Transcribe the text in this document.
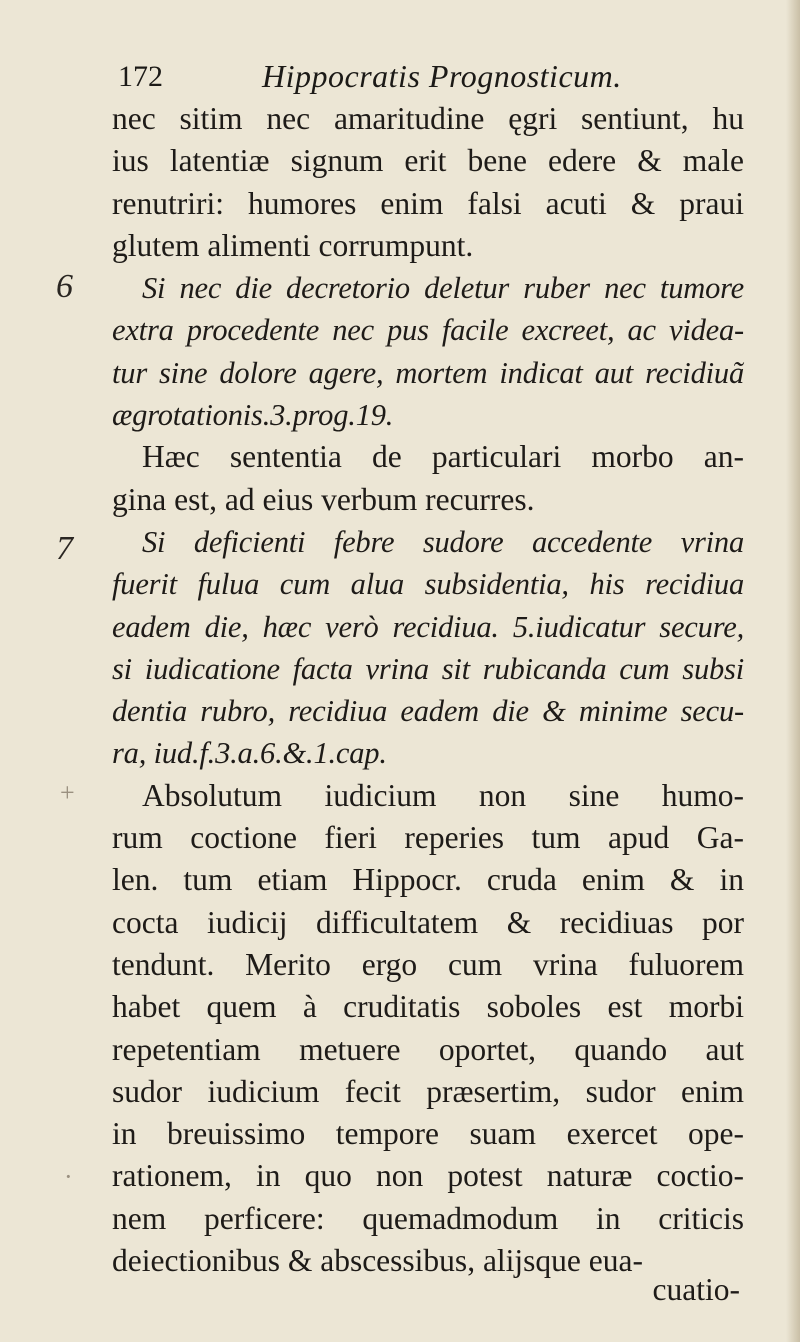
172	Hippocratis Prognosticum.
6
7
+
·
nec sitim nec amaritudine ęgri sentiunt, hu
ius latentiæ signum erit bene edere & male
renutriri: humores enim falsi acuti & praui
glutem alimenti corrumpunt.
Si nec die decretorio deletur ruber nec tumore
extra procedente nec pus facile excreet, ac videa-
tur sine dolore agere, mortem indicat aut recidiuã
ægrotationis.3.prog.19.
Hæc sententia de particulari morbo an-
gina est, ad eius verbum recurres.
Si deficienti febre sudore accedente vrina
fuerit fulua cum alua subsidentia, his recidiua
eadem die, hæc verò recidiua. 5.iudicatur secure,
si iudicatione facta vrina sit rubicanda cum subsi
dentia rubro, recidiua eadem die & minime secu-
ra, iud.f.3.a.6.&.1.cap.
Absolutum iudicium non sine humo-
rum coctione fieri reperies tum apud Ga-
len. tum etiam Hippocr. cruda enim & in
cocta iudicij difficultatem & recidiuas por
tendunt. Merito ergo cum vrina fuluorem
habet quem à cruditatis soboles est morbi
repetentiam metuere oportet, quando aut
sudor iudicium fecit præsertim, sudor enim
in breuissimo tempore suam exercet ope-
rationem, in quo non potest naturæ coctio-
nem perficere: quemadmodum in criticis
deiectionibus & abscessibus, alijsque eua-
cuatio-
